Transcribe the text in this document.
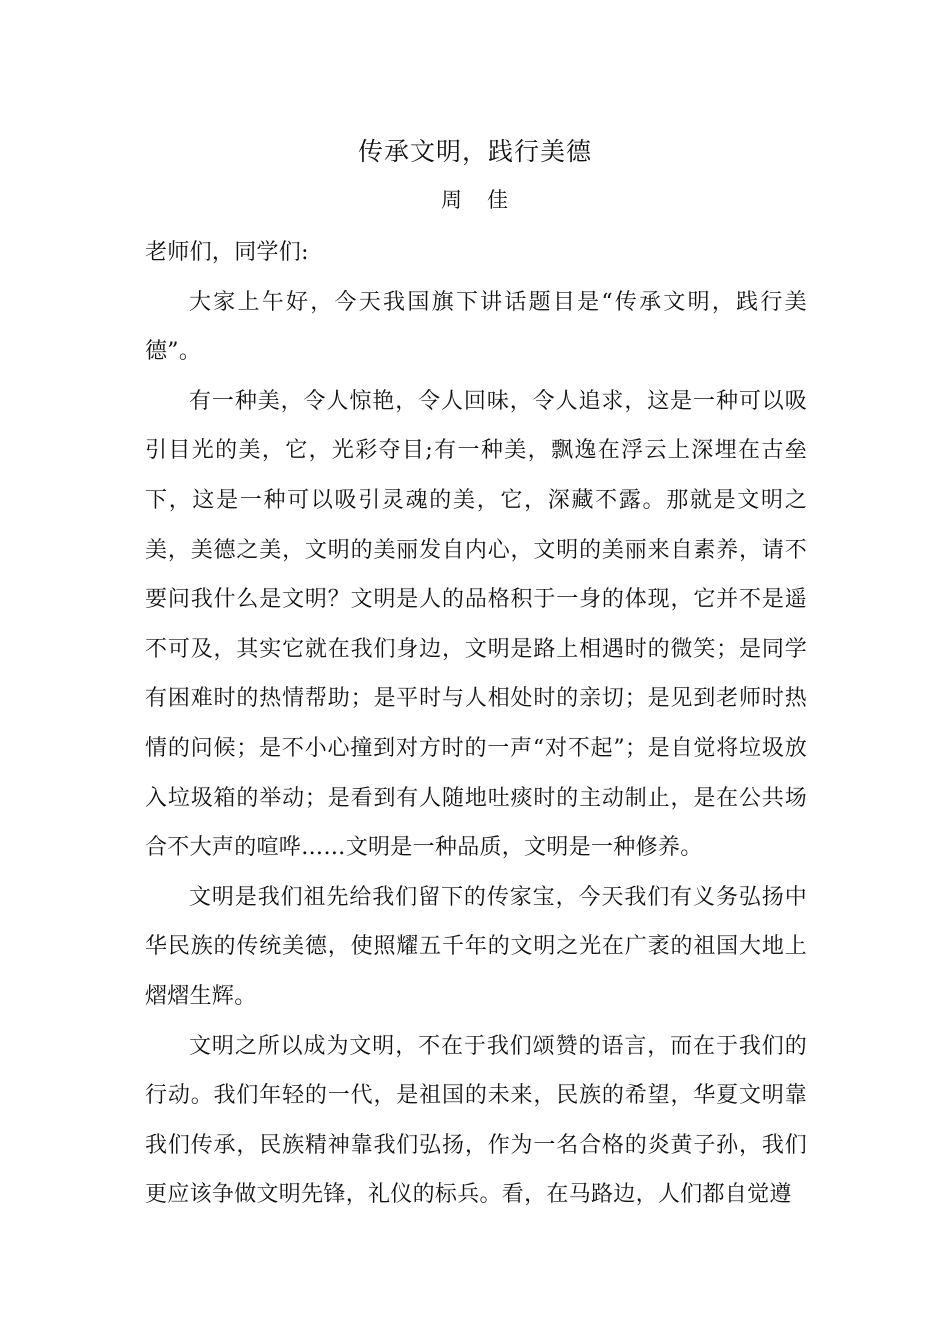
传承文明，践行美德
周 佳

老师们，同学们:

大家上午好，今天我国旗下讲话题目是“传承文明，践行美德”。

有一种美，令人惊艳，令人回味，令人追求，这是一种可以吸引目光的美，它，光彩夺目;有一种美，飘逸在浮云上深埋在古垒下，这是一种可以吸引灵魂的美，它，深藏不露。那就是文明之美，美德之美，文明的美丽发自内心，文明的美丽来自素养，请不要问我什么是文明？文明是人的品格积于一身的体现，它并不是遥不可及，其实它就在我们身边，文明是路上相遇时的微笑；是同学有困难时的热情帮助；是平时与人相处时的亲切；是见到老师时热情的问候；是不小心撞到对方时的一声“对不起”；是自觉将垃圾放入垃圾箱的举动；是看到有人随地吐痰时的主动制止，是在公共场合不大声的喧哗……文明是一种品质，文明是一种修养。

文明是我们祖先给我们留下的传家宝，今天我们有义务弘扬中华民族的传统美德，使照耀五千年的文明之光在广袤的祖国大地上熠熠生辉。

文明之所以成为文明，不在于我们颂赞的语言，而在于我们的行动。我们年轻的一代，是祖国的未来，民族的希望，华夏文明靠我们传承，民族精神靠我们弘扬，作为一名合格的炎黄子孙，我们更应该争做文明先锋，礼仪的标兵。看，在马路边，人们都自觉遵
